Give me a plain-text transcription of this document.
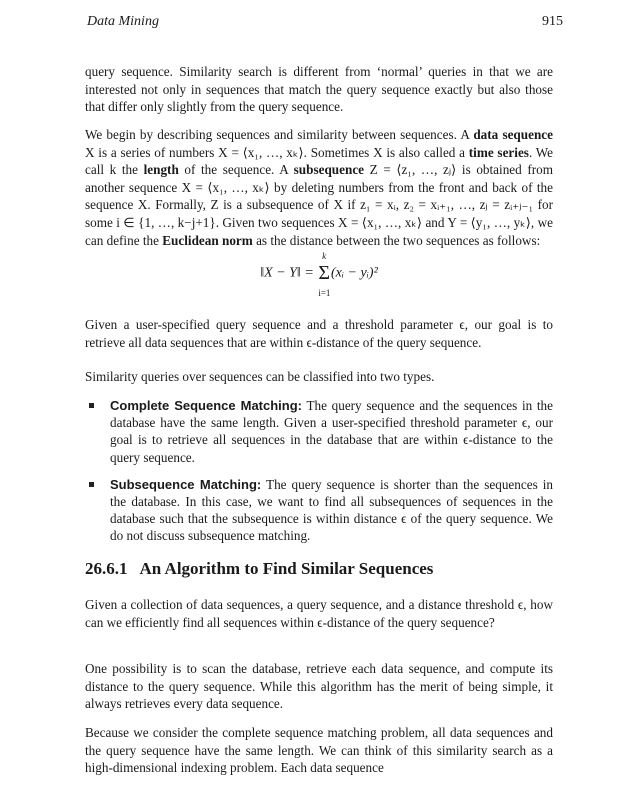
Data Mining	915

query sequence. Similarity search is different from ‘normal’ queries in that we are interested not only in sequences that match the query sequence exactly but also those that differ only slightly from the query sequence.

We begin by describing sequences and similarity between sequences. A data sequence X is a series of numbers X = ⟨x₁, …, xₖ⟩. Sometimes X is also called a time series. We call k the length of the sequence. A subsequence Z = ⟨z₁, …, zⱼ⟩ is obtained from another sequence X = ⟨x₁, …, xₖ⟩ by deleting numbers from the front and back of the sequence X. Formally, Z is a subsequence of X if z₁ = xᵢ, z₂ = xᵢ₊₁, …, zⱼ = zᵢ₊ⱼ₋₁ for some i ∈ {1, …, k−j+1}. Given two sequences X = ⟨x₁, …, xₖ⟩ and Y = ⟨y₁, …, yₖ⟩, we can define the Euclidean norm as the distance between the two sequences as follows:

‖X − Y‖ =
k
Σ
i=1
(xᵢ − yᵢ)²

Given a user-specified query sequence and a threshold parameter ϵ, our goal is to retrieve all data sequences that are within ϵ-distance of the query sequence.

Similarity queries over sequences can be classified into two types.

Complete Sequence Matching: The query sequence and the sequences in the database have the same length. Given a user-specified threshold parameter ϵ, our goal is to retrieve all sequences in the database that are within ϵ-distance to the query sequence.
Subsequence Matching: The query sequence is shorter than the sequences in the database. In this case, we want to find all subsequences of sequences in the database such that the subsequence is within distance ϵ of the query sequence. We do not discuss subsequence matching.
26.6.1 An Algorithm to Find Similar Sequences

Given a collection of data sequences, a query sequence, and a distance threshold ϵ, how can we efficiently find all sequences within ϵ-distance of the query sequence?

One possibility is to scan the database, retrieve each data sequence, and compute its distance to the query sequence. While this algorithm has the merit of being simple, it always retrieves every data sequence.

Because we consider the complete sequence matching problem, all data sequences and the query sequence have the same length. We can think of this similarity search as a high-dimensional indexing problem. Each data sequence
